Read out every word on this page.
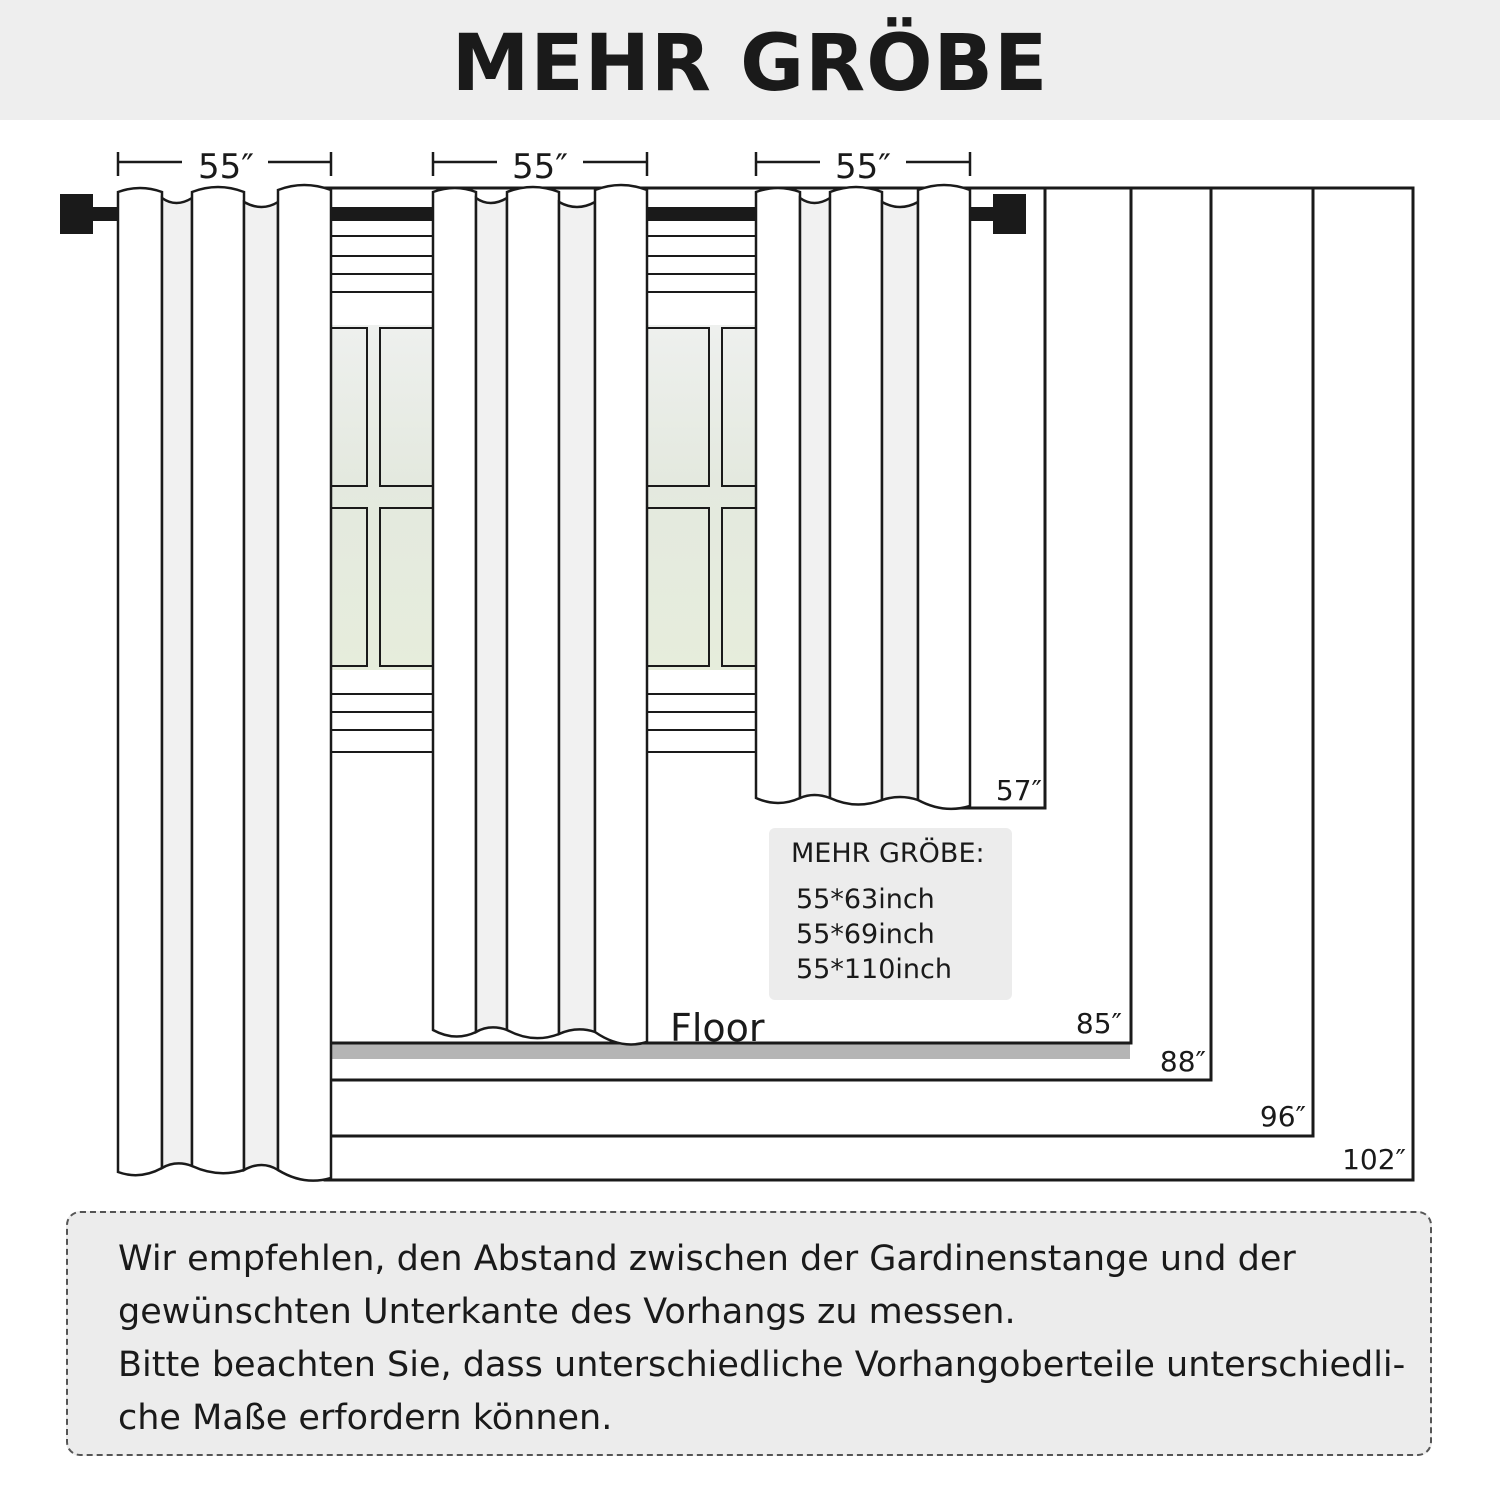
MEHR GRÖBE
55″	55″	55″
57″
85″
88″
96″
102″
Floor
MEHR GRÖBE:
55*63inch
55*69inch
55*110inch

Wir empfehlen, den Abstand zwischen der Gardinenstange und der
gewünschten Unterkante des Vorhangs zu messen.
Bitte beachten Sie, dass unterschiedliche Vorhangoberteile unterschiedli-
che Maße erfordern können.
